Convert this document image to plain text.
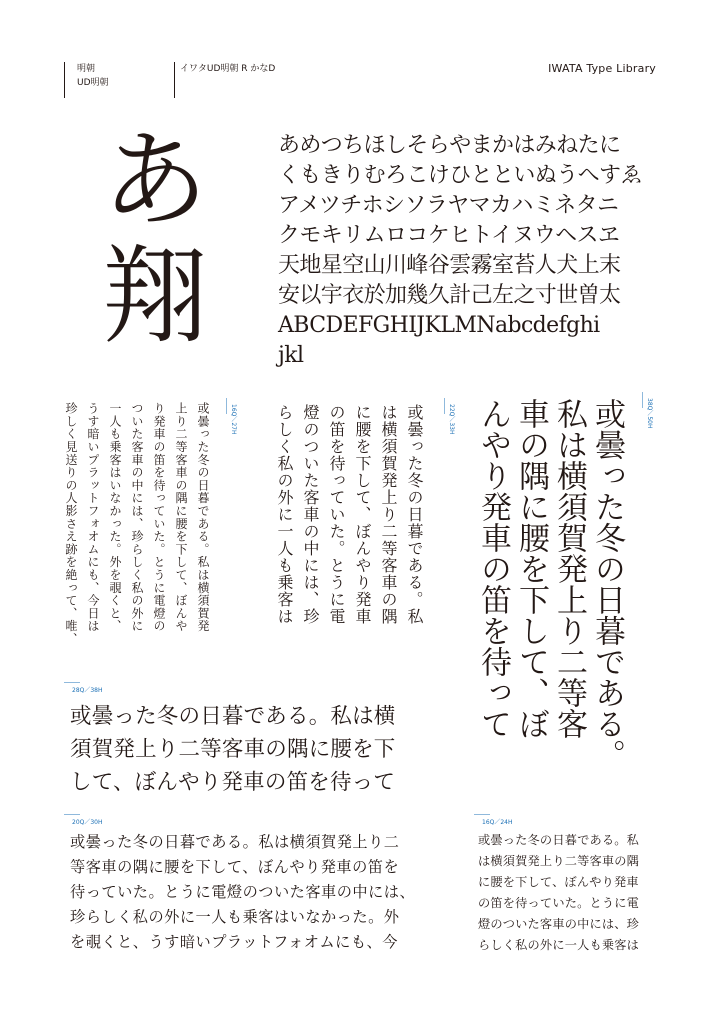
明朝
UD明朝
イワタUD明朝 R かなD	IWATA Type Library
あ
翔
あめつちほしそらやまかはみねたに
くもきりむろこけひとといぬうへすゑ
アメツチホシソラヤマカハミネタニ
クモキリムロコケヒトイヌウヘスヱ
天地星空山川峰谷雲霧室苔人犬上末
安以宇衣於加幾久計己左之寸世曽太
ABCDEFGHIJKLMNabcdefghi
jkl
16Q／27H
或曇った冬の日暮である。私は横須賀発
上り二等客車の隅に腰を下して、ぼんや
り発車の笛を待っていた。とうに電燈の
ついた客車の中には、珍らしく私の外に
一人も乗客はいなかった。外を覗くと、
うす暗いプラットフォオムにも、今日は
珍しく見送りの人影さえ跡を絶って、唯、	22Q／33H
或曇った冬の日暮である。私
は横須賀発上り二等客車の隅
に腰を下して、ぼんやり発車
の笛を待っていた。とうに電
燈のついた客車の中には、珍
らしく私の外に一人も乗客は	38Q／50H
或曇った冬の日暮である。
私は横須賀発上り二等客
車の隅に腰を下して、ぼ
んやり発車の笛を待って
28Q／38H
或曇った冬の日暮である。私は横
須賀発上り二等客車の隅に腰を下
して、ぼんやり発車の笛を待って
20Q／30H
或曇った冬の日暮である。私は横須賀発上り二
等客車の隅に腰を下して、ぼんやり発車の笛を
待っていた。とうに電燈のついた客車の中には、
珍らしく私の外に一人も乗客はいなかった。外
を覗くと、うす暗いプラットフォオムにも、今
16Q／24H
或曇った冬の日暮である。私
は横須賀発上り二等客車の隅
に腰を下して、ぼんやり発車
の笛を待っていた。とうに電
燈のついた客車の中には、珍
らしく私の外に一人も乗客は
